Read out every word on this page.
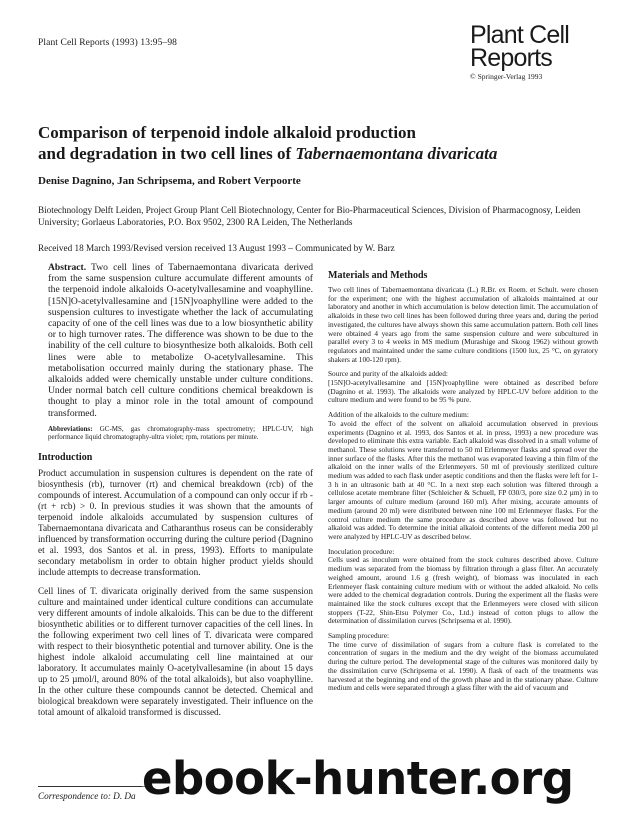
Plant Cell Reports (1993) 13:95–98	Plant Cell
Reports
© Springer-Verlag 1993
Comparison of terpenoid indole alkaloid production
and degradation in two cell lines of Tabernaemontana divaricata
Denise Dagnino, Jan Schripsema, and Robert Verpoorte
Biotechnology Delft Leiden, Project Group Plant Cell Biotechnology, Center for Bio-Pharmaceutical Sciences, Division of Pharmacognosy, Leiden University; Gorlaeus Laboratories, P.O. Box 9502, 2300 RA Leiden, The Netherlands
Received 18 March 1993/Revised version received 13 August 1993 – Communicated by W. Barz

Abstract. Two cell lines of Tabernaemontana divaricata derived from the same suspension culture accumulate different amounts of the terpenoid indole alkaloids O-acetylvallesamine and voaphylline. [15N]O-acetylvallesamine and [15N]voaphylline were added to the suspension cultures to investigate whether the lack of accumulating capacity of one of the cell lines was due to a low biosynthetic ability or to high turnover rates. The difference was shown to be due to the inability of the cell culture to biosynthesize both alkaloids. Both cell lines were able to metabolize O-acetylvallesamine. This metabolisation occurred mainly during the stationary phase. The alkaloids added were chemically unstable under culture conditions. Under normal batch cell culture conditions chemical breakdown is thought to play a minor role in the total amount of compound transformed.

Abbreviations: GC-MS, gas chromatography-mass spectrometry; HPLC-UV, high performance liquid chromatography-ultra violet; rpm, rotations per minute.

Introduction

Product accumulation in suspension cultures is dependent on the rate of biosynthesis (rb), turnover (rt) and chemical breakdown (rcb) of the compounds of interest. Accumulation of a compound can only occur if rb - (rt + rcb) > 0. In previous studies it was shown that the amounts of terpenoid indole alkaloids accumulated by suspension cultures of Tabernaemontana divaricata and Catharanthus roseus can be considerably influenced by transformation occurring during the culture period (Dagnino et al. 1993, dos Santos et al. in press, 1993). Efforts to manipulate secondary metabolism in order to obtain higher product yields should include attempts to decrease transformation.

Cell lines of T. divaricata originally derived from the same suspension culture and maintained under identical culture conditions can accumulate very different amounts of indole alkaloids. This can be due to the different biosynthetic abilities or to different turnover capacities of the cell lines. In the following experiment two cell lines of T. divaricata were compared with respect to their biosynthetic potential and turnover ability. One is the highest indole alkaloid accumulating cell line maintained at our laboratory. It accumulates mainly O-acetylvallesamine (in about 15 days up to 25 µmol/l, around 80% of the total alkaloids), but also voaphylline. In the other culture these compounds cannot be detected. Chemical and biological breakdown were separately investigated. Their influence on the total amount of alkaloid transformed is discussed.

Materials and Methods

Two cell lines of Tabernaemontana divaricata (L.) R.Br. ex Roem. et Schult. were chosen for the experiment; one with the highest accumulation of alkaloids maintained at our laboratory and another in which accumulation is below detection limit. The accumulation of alkaloids in these two cell lines has been followed during three years and, during the period investigated, the cultures have always shown this same accumulation pattern. Both cell lines were obtained 4 years ago from the same suspension culture and were subcultured in parallel every 3 to 4 weeks in MS medium (Murashige and Skoog 1962) without growth regulators and maintained under the same culture conditions (1500 lux, 25 °C, on gyratory shakers at 100-120 rpm).

Source and purity of the alkaloids added:

[15N]O-acetylvallesamine and [15N]voaphylline were obtained as described before (Dagnino et al. 1993). The alkaloids were analyzed by HPLC-UV before addition to the culture medium and were found to be 95 % pure.

Addition of the alkaloids to the culture medium:

To avoid the effect of the solvent on alkaloid accumulation observed in previous experiments (Dagnino et al. 1993, dos Santos et al. in press, 1993) a new procedure was developed to eliminate this extra variable. Each alkaloid was dissolved in a small volume of methanol. These solutions were transferred to 50 ml Erlenmeyer flasks and spread over the inner surface of the flasks. After this the methanol was evaporated leaving a thin film of the alkaloid on the inner walls of the Erlenmeyers. 50 ml of previously sterilized culture medium was added to each flask under aseptic conditions and then the flasks were left for 1-3 h in an ultrasonic bath at 40 °C. In a next step each solution was filtered through a cellulose acetate membrane filter (Schleicher & Schuell, FP 030/3, pore size 0.2 µm) in to larger amounts of culture medium (around 160 ml). After mixing, accurate amounts of medium (around 20 ml) were distributed between nine 100 ml Erlenmeyer flasks. For the control culture medium the same procedure as described above was followed but no alkaloid was added. To determine the initial alkaloid contents of the different media 200 µl were analyzed by HPLC-UV as described below.

Inoculation procedure:

Cells used as inoculum were obtained from the stock cultures described above. Culture medium was separated from the biomass by filtration through a glass filter. An accurately weighed amount, around 1.6 g (fresh weight), of biomass was inoculated in each Erlenmeyer flask containing culture medium with or without the added alkaloid. No cells were added to the chemical degradation controls. During the experiment all the flasks were maintained like the stock cultures except that the Erlenmeyers were closed with silicon stoppers (T-22, Shin-Etsu Polymer Co., Ltd.) instead of cotton plugs to allow the determination of dissimilation curves (Schripsema et al. 1990).

Sampling procedure:

The time curve of dissimilation of sugars from a culture flask is correlated to the concentration of sugars in the medium and the dry weight of the biomass accumulated during the culture period. The developmental stage of the cultures was monitored daily by the dissimilation curve (Schripsema et al. 1990). A flask of each of the treatments was harvested at the beginning and end of the growth phase and in the stationary phase. Culture medium and cells were separated through a glass filter with the aid of vacuum and

Correspondence to: D. Da ebook-hunter.org
